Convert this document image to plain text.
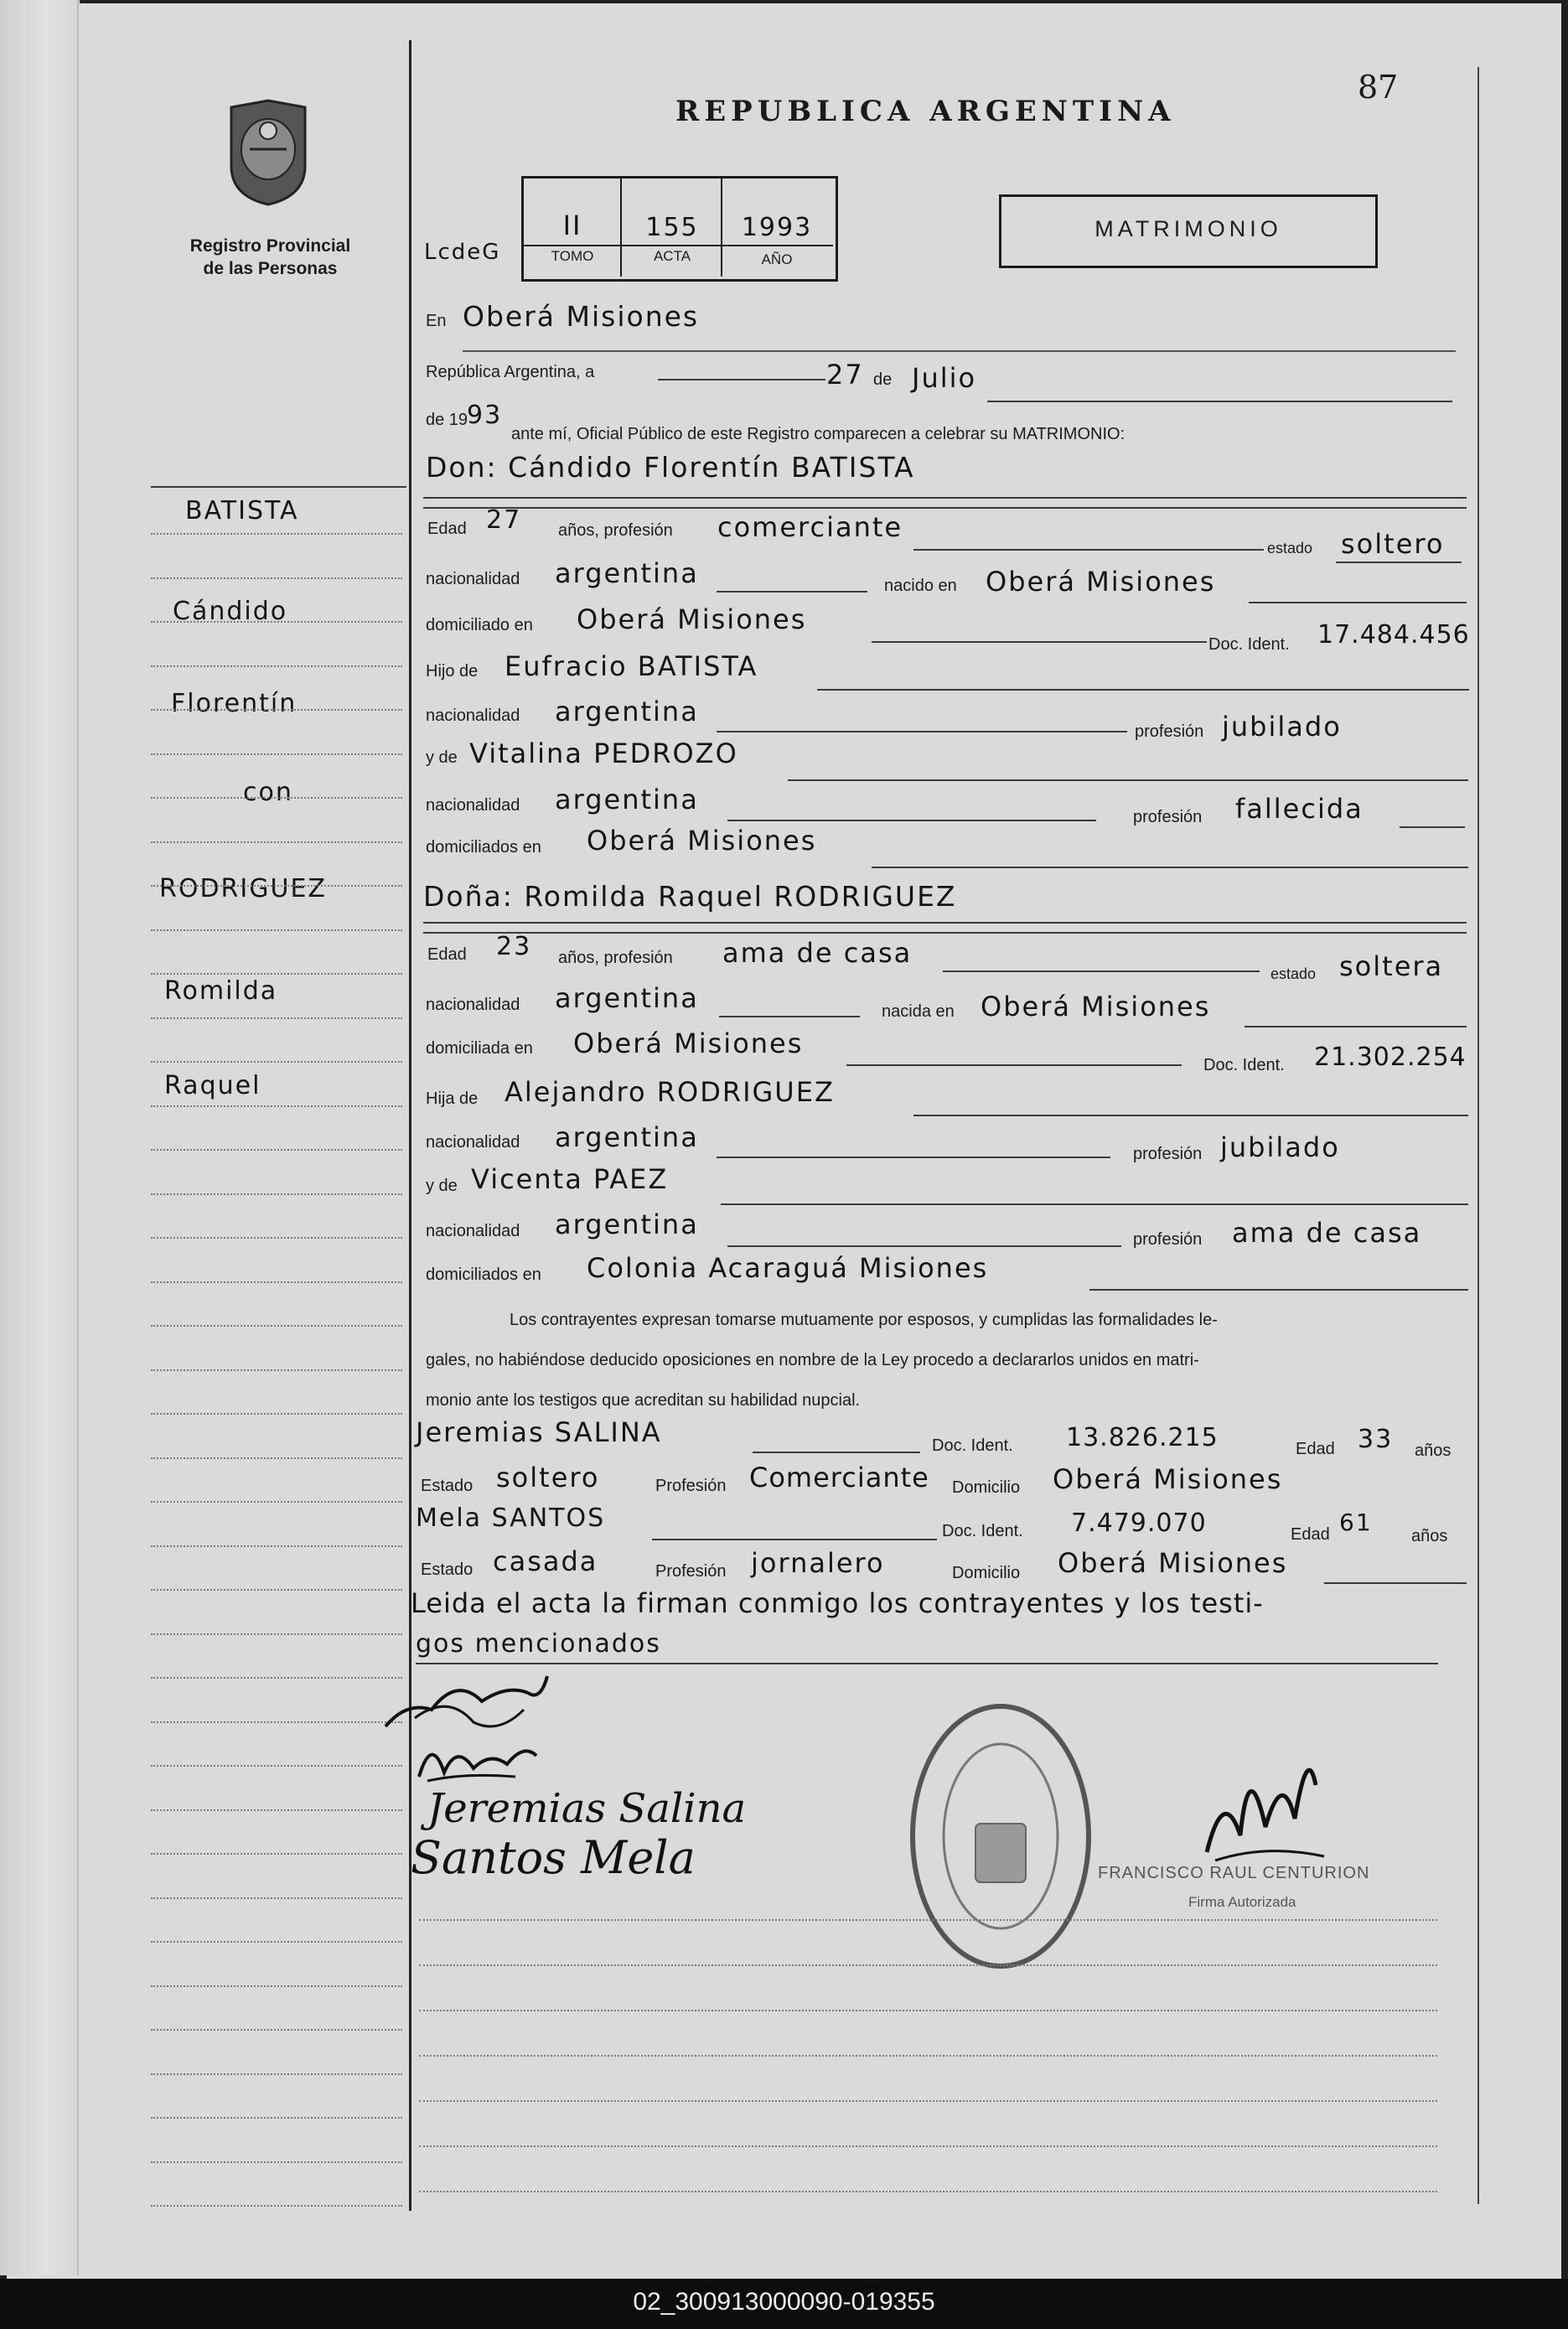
REPUBLICA ARGENTINA
87
Registro Provincial de las Personas
LcdeG
II	155	1993
TOMO	ACTA	AÑO
MATRIMONIO
BATISTA
Cándido
Florentín
con
RODRIGUEZ
Romilda
Raquel
En Oberá Misiones
República Argentina, a	27 de Julio
de 19
93
ante mí, Oficial Público de este Registro comparecen a celebrar su MATRIMONIO:
Don: Cándido Florentín BATISTA
Edad 27 años, profesión comerciante
estado soltero
nacionalidad argentina	nacido en Oberá Misiones
domiciliado en Oberá Misiones
Doc. Ident. 17.484.456
Hijo de Eufracio BATISTA
nacionalidad argentina
profesión jubilado
y de Vitalina PEDROZO
nacionalidad argentina
profesión fallecida
domiciliados en Oberá Misiones
Doña: Romilda Raquel RODRIGUEZ
Edad 23 años, profesión ama de casa
estado soltera
nacionalidad argentina	nacida en Oberá Misiones
domiciliada en Oberá Misiones
Doc. Ident. 21.302.254
Hija de Alejandro RODRIGUEZ
nacionalidad argentina
profesión jubilado
y de Vicenta PAEZ
nacionalidad argentina	profesión ama de casa
domiciliados en Colonia Acaraguá Misiones
Los contrayentes expresan tomarse mutuamente por esposos, y cumplidas las formalidades le-
gales, no habiéndose deducido oposiciones en nombre de la Ley procedo a declararlos unidos en matri-
monio ante los testigos que acreditan su habilidad nupcial.
Jeremias SALINA	Doc. Ident. 13.826.215	Edad 33 años
Estado soltero	Profesión Comerciante Domicilio Oberá Misiones
Mela SANTOS	Doc. Ident. 7.479.070	Edad 61 años
Estado casada	Profesión jornalero	Domicilio Oberá Misiones
Leida el acta la firman conmigo los contrayentes y los testi-
gos mencionados
Jeremias Salina
Santos Mela	FRANCISCO RAUL CENTURION
Firma Autorizada
02_300913000090-019355
